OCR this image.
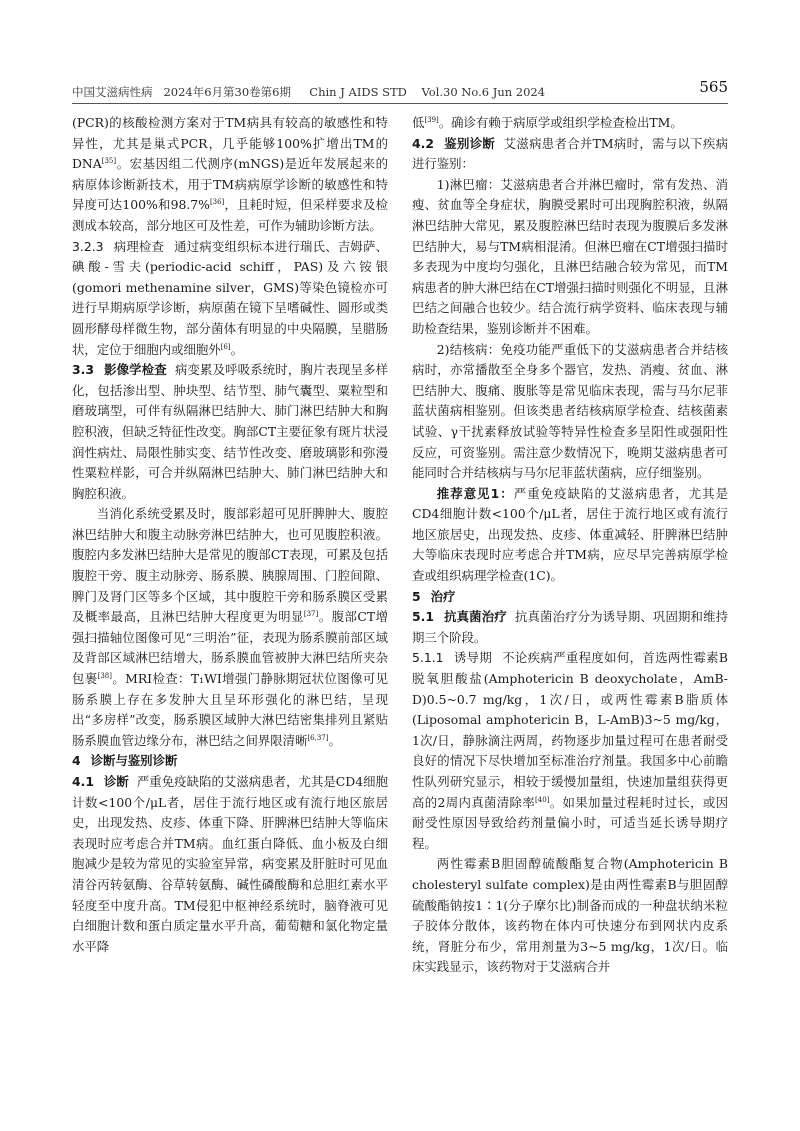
中国艾滋病性病 2024年6月第30卷第6期 Chin J AIDS STD Vol.30 No.6 Jun 2024	565

(PCR)的核酸检测方案对于TM病具有较高的敏感性和特异性，尤其是巢式PCR，几乎能够100%扩增出TM的DNA[35]。宏基因组二代测序(mNGS)是近年发展起来的病原体诊断新技术，用于TM病病原学诊断的敏感性和特异度可达100%和98.7%[36]，且耗时短，但采样要求及检测成本较高，部分地区可及性差，可作为辅助诊断方法。

3.2.3 病理检查 通过病变组织标本进行瑞氏、吉姆萨、碘酸-雪夫(periodic-acid schiff，PAS)及六铵银(gomori methenamine silver，GMS)等染色镜检亦可进行早期病原学诊断，病原菌在镜下呈嗜碱性、圆形或类圆形酵母样微生物，部分菌体有明显的中央隔膜，呈腊肠状，定位于细胞内或细胞外[6]。

3.3 影像学检查 病变累及呼吸系统时，胸片表现呈多样化，包括渗出型、肿块型、结节型、肺气囊型、粟粒型和磨玻璃型，可伴有纵隔淋巴结肿大、肺门淋巴结肿大和胸腔积液，但缺乏特征性改变。胸部CT主要征象有斑片状浸润性病灶、局限性肺实变、结节性改变、磨玻璃影和弥漫性粟粒样影，可合并纵隔淋巴结肿大、肺门淋巴结肿大和胸腔积液。

当消化系统受累及时，腹部彩超可见肝脾肿大、腹腔淋巴结肿大和腹主动脉旁淋巴结肿大，也可见腹腔积液。腹腔内多发淋巴结肿大是常见的腹部CT表现，可累及包括腹腔干旁、腹主动脉旁、肠系膜、胰腺周围、门腔间隙、脾门及肾门区等多个区域，其中腹腔干旁和肠系膜区受累及概率最高，且淋巴结肿大程度更为明显[37]。腹部CT增强扫描轴位图像可见“三明治”征，表现为肠系膜前部区域及背部区域淋巴结增大，肠系膜血管被肿大淋巴结所夹杂包裹[38]。MRI检查：T₁WI增强门静脉期冠状位图像可见肠系膜上存在多发肿大且呈环形强化的淋巴结，呈现出“多房样”改变，肠系膜区域肿大淋巴结密集排列且紧贴肠系膜血管边缘分布，淋巴结之间界限清晰[6,37]。

4 诊断与鉴别诊断

4.1 诊断 严重免疫缺陷的艾滋病患者，尤其是CD4细胞计数<100个/μL者，居住于流行地区或有流行地区旅居史，出现发热、皮疹、体重下降、肝脾淋巴结肿大等临床表现时应考虑合并TM病。血红蛋白降低、血小板及白细胞减少是较为常见的实验室异常，病变累及肝脏时可见血清谷丙转氨酶、谷草转氨酶、碱性磷酸酶和总胆红素水平轻度至中度升高。TM侵犯中枢神经系统时，脑脊液可见白细胞计数和蛋白质定量水平升高，葡萄糖和氯化物定量水平降

低[39]。确诊有赖于病原学或组织学检查检出TM。

4.2 鉴别诊断 艾滋病患者合并TM病时，需与以下疾病进行鉴别：

1)淋巴瘤：艾滋病患者合并淋巴瘤时，常有发热、消瘦、贫血等全身症状，胸膜受累时可出现胸腔积液，纵隔淋巴结肿大常见，累及腹腔淋巴结时表现为腹膜后多发淋巴结肿大，易与TM病相混淆。但淋巴瘤在CT增强扫描时多表现为中度均匀强化，且淋巴结融合较为常见，而TM病患者的肿大淋巴结在CT增强扫描时则强化不明显，且淋巴结之间融合也较少。结合流行病学资料、临床表现与辅助检查结果，鉴别诊断并不困难。

2)结核病：免疫功能严重低下的艾滋病患者合并结核病时，亦常播散至全身多个器官，发热、消瘦、贫血、淋巴结肿大、腹痛、腹胀等是常见临床表现，需与马尔尼菲蓝状菌病相鉴别。但该类患者结核病原学检查、结核菌素试验、γ干扰素释放试验等特异性检查多呈阳性或强阳性反应，可资鉴别。需注意少数情况下，晚期艾滋病患者可能同时合并结核病与马尔尼菲蓝状菌病，应仔细鉴别。

推荐意见1：严重免疫缺陷的艾滋病患者，尤其是CD4细胞计数<100个/μL者，居住于流行地区或有流行地区旅居史，出现发热、皮疹、体重减轻、肝脾淋巴结肿大等临床表现时应考虑合并TM病，应尽早完善病原学检查或组织病理学检查(1C)。

5 治疗

5.1 抗真菌治疗 抗真菌治疗分为诱导期、巩固期和维持期三个阶段。

5.1.1 诱导期 不论疾病严重程度如何，首选两性霉素B脱氧胆酸盐(Amphotericin B deoxycholate，AmB-D)0.5~0.7 mg/kg，1次/日，或两性霉素B脂质体(Liposomal amphotericin B，L-AmB)3~5 mg/kg，1次/日，静脉滴注两周，药物逐步加量过程可在患者耐受良好的情况下尽快增加至标准治疗剂量。我国多中心前瞻性队列研究显示，相较于缓慢加量组，快速加量组获得更高的2周内真菌清除率[40]。如果加量过程耗时过长，或因耐受性原因导致给药剂量偏小时，可适当延长诱导期疗程。

两性霉素B胆固醇硫酸酯复合物(Amphotericin B cholesteryl sulfate complex)是由两性霉素B与胆固醇硫酸酯钠按1∶1(分子摩尔比)制备而成的一种盘状纳米粒子胶体分散体，该药物在体内可快速分布到网状内皮系统，肾脏分布少，常用剂量为3~5 mg/kg，1次/日。临床实践显示，该药物对于艾滋病合并
